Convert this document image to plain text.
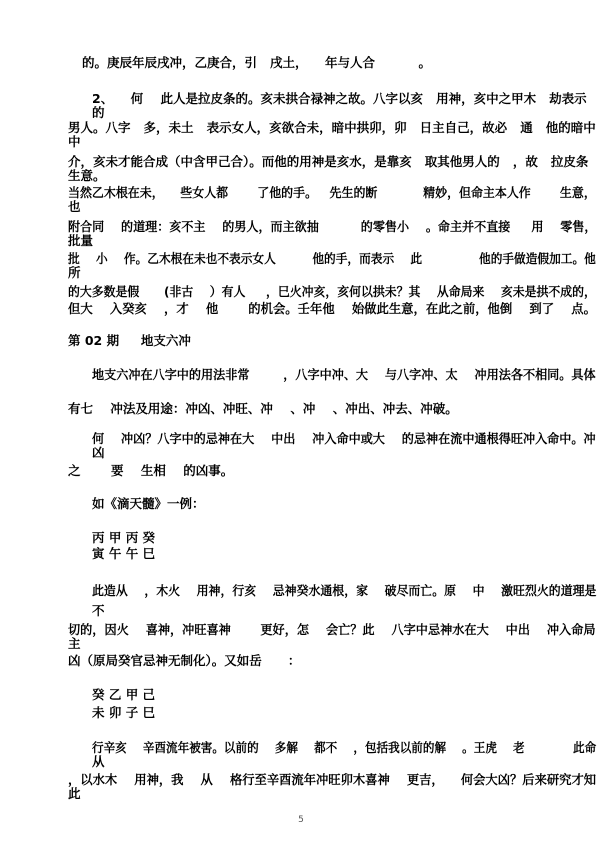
的。庚辰年辰戌冲，乙庚合，引   戌土，    年与人合          。
2、    何    此人是拉皮条的。亥未拱合禄神之故。八字以亥   用神，亥中之甲木   劫表示
的
男人。八字   多，未土   表示女人，亥欲合未，暗中拱卯，卯   日主自己，故必   通   他的暗中
中
介，亥未才能合成（中含甲己合）。而他的用神是亥水，是靠亥   取其他男人的   ，故   拉皮条
生意。
当然乙木根在未，    些女人都       了他的手。   先生的断           精妙，但命主本人作       生意，
也
附合同    的道理：亥不主    的男人，而主欲抽          的零售小    。命主并不直接     用    零售，
批量
批    小    作。乙木根在未也不表示女人         他的手，而表示    此              他的手做造假加工。他
所
的大多数是假      (非古    ）有人     ，巳火冲亥，亥何以拱未？其    从命局来    亥未是拱不成的，
但大    入癸亥    ，才    他       的机会。壬年他    始做此生意，在此之前，他倒    到了    点。
第 02 期     地支六冲
地支六冲在八字中的用法非常        ，八字中冲、大    与八字冲、太    冲用法各不相同。具体
有七    冲法及用途：冲凶、冲旺、冲    、冲    、冲出、冲去、冲破。
何    冲凶？八字中的忌神在大    中出    冲入命中或大    的忌神在流中通根得旺冲入命中。冲
凶
之       要    生相    的凶事。
如《滴天髓》一例：
丙 甲 丙 癸
寅 午 午 巳
此造从    ，木火    用神，行亥    忌神癸水通根，家    破尽而亡。原    中    激旺烈火的道理是
不
切的，因火    喜神，冲旺喜神       更好，怎    会亡？此    八字中忌神水在大    中出    冲入命局
主
凶（原局癸官忌神无制化）。又如岳      ：
癸 乙 甲 己
未 卯 子 巳
行辛亥    辛酉流年被害。以前的    多解    都不    ，包括我以前的解    。王虎    老            此命
从
，以水木    用神，我    从    格行至辛酉流年冲旺卯木喜神    更吉，    何会大凶？后来研究才知
此
5
